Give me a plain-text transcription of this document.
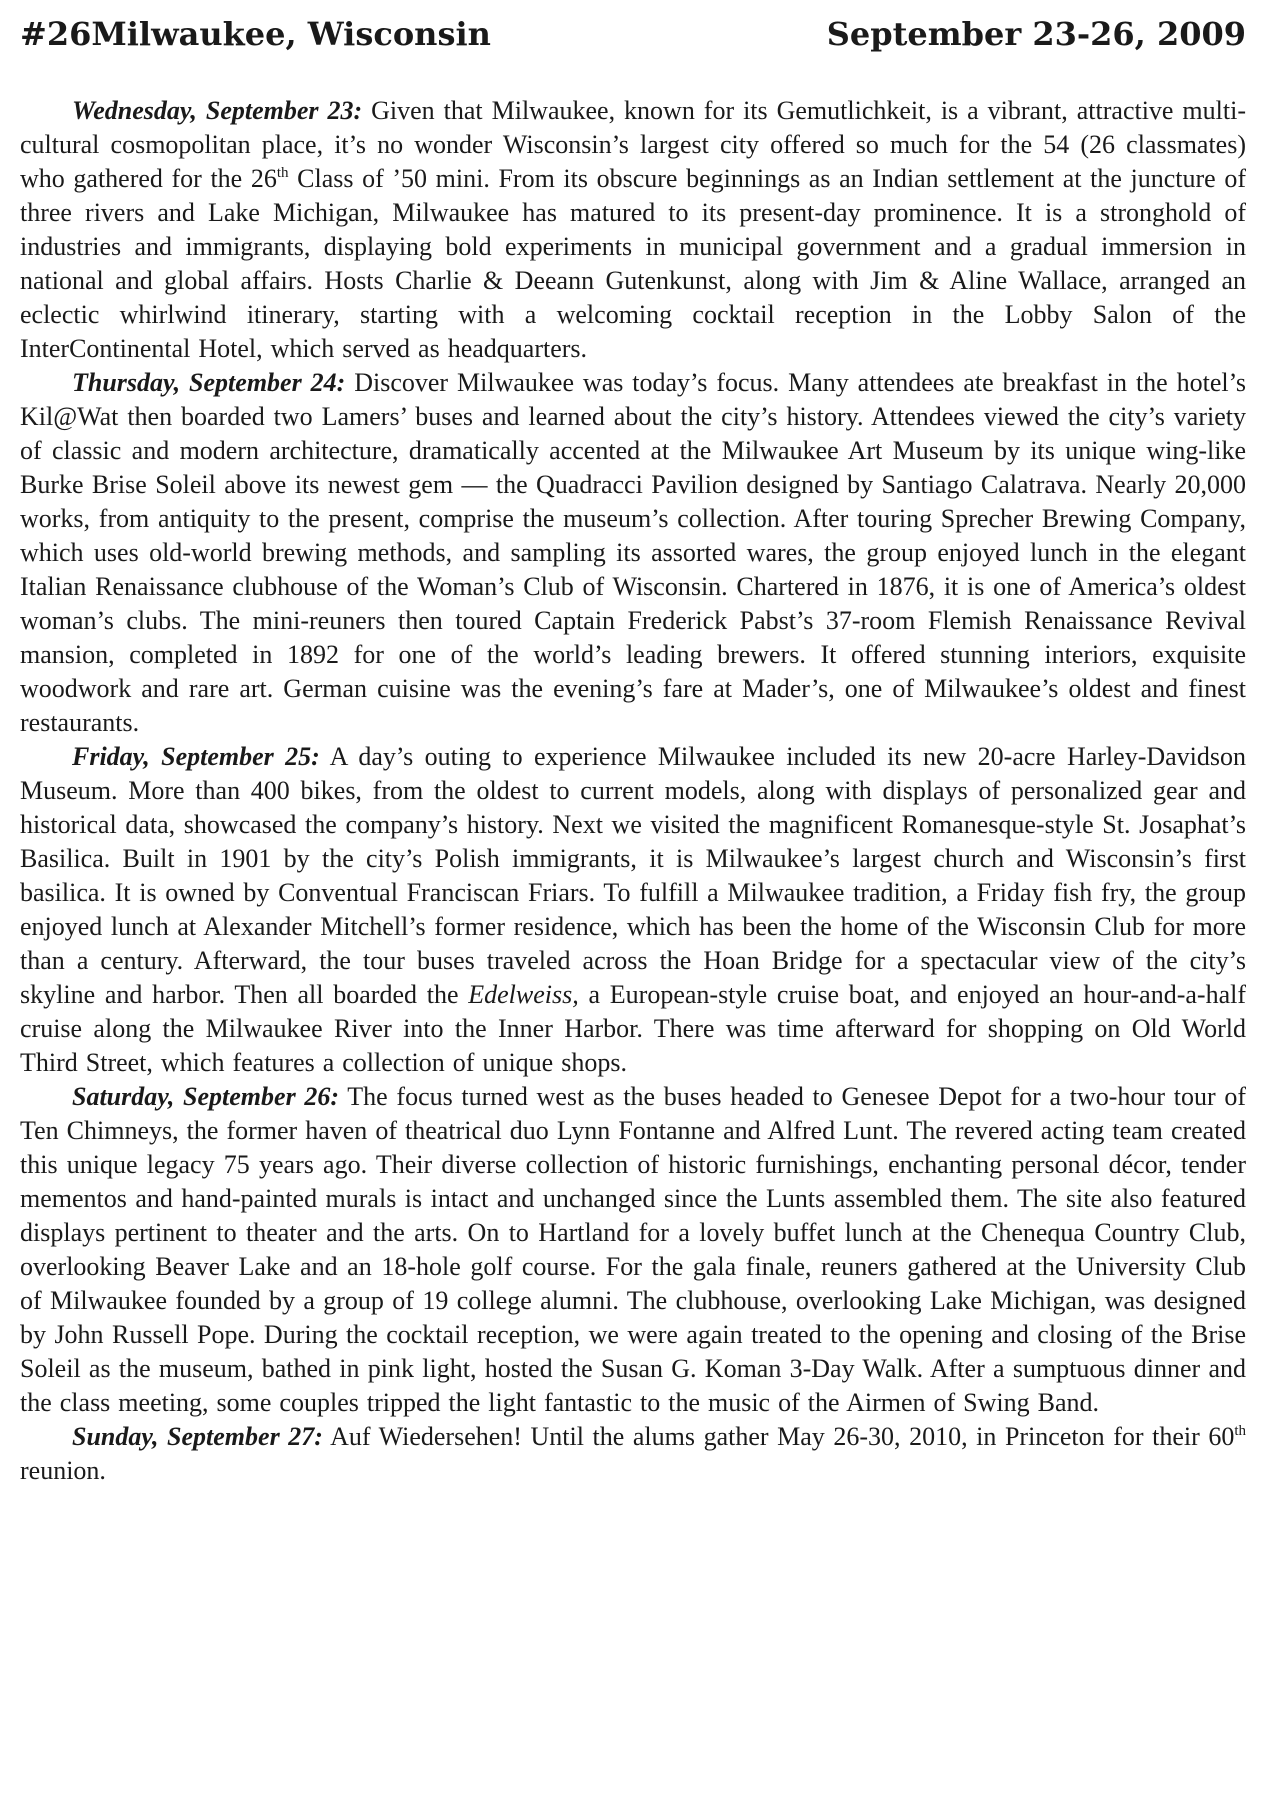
#26Milwaukee, Wisconsin	September 23-26, 2009

Wednesday, September 23: Given that Milwaukee, known for its Gemutlichkeit, is a vibrant, attractive multi-cultural cosmopolitan place, it’s no wonder Wisconsin’s largest city offered so much for the 54 (26 classmates) who gathered for the 26th Class of ’50 mini. From its obscure beginnings as an Indian settlement at the juncture of three rivers and Lake Michigan, Milwaukee has matured to its present-day prominence. It is a stronghold of industries and immigrants, displaying bold experiments in municipal government and a gradual immersion in national and global affairs. Hosts Charlie & Deeann Gutenkunst, along with Jim & Aline Wallace, arranged an eclectic whirlwind itinerary, starting with a welcoming cocktail reception in the Lobby Salon of the InterContinental Hotel, which served as headquarters.

Thursday, September 24: Discover Milwaukee was today’s focus. Many attendees ate breakfast in the hotel’s Kil@Wat then boarded two Lamers’ buses and learned about the city’s history. Attendees viewed the city’s variety of classic and modern architecture, dramatically accented at the Milwaukee Art Museum by its unique wing-like Burke Brise Soleil above its newest gem — the Quadracci Pavilion designed by Santiago Calatrava. Nearly 20,000 works, from antiquity to the present, comprise the museum’s collection. After touring Sprecher Brewing Company, which uses old-world brewing methods, and sampling its assorted wares, the group enjoyed lunch in the elegant Italian Renaissance clubhouse of the Woman’s Club of Wisconsin. Chartered in 1876, it is one of America’s oldest woman’s clubs. The mini-reuners then toured Captain Frederick Pabst’s 37-room Flemish Renaissance Revival mansion, completed in 1892 for one of the world’s leading brewers. It offered stunning interiors, exquisite woodwork and rare art. German cuisine was the evening’s fare at Mader’s, one of Milwaukee’s oldest and finest restaurants.

Friday, September 25: A day’s outing to experience Milwaukee included its new 20-acre Harley-Davidson Museum. More than 400 bikes, from the oldest to current models, along with displays of personalized gear and historical data, showcased the company’s history. Next we visited the magnificent Romanesque-style St. Josaphat’s Basilica. Built in 1901 by the city’s Polish immigrants, it is Milwaukee’s largest church and Wisconsin’s first basilica. It is owned by Conventual Franciscan Friars. To fulfill a Milwaukee tradition, a Friday fish fry, the group enjoyed lunch at Alexander Mitchell’s former residence, which has been the home of the Wisconsin Club for more than a century. Afterward, the tour buses traveled across the Hoan Bridge for a spectacular view of the city’s skyline and harbor. Then all boarded the Edelweiss, a European-style cruise boat, and enjoyed an hour-and-a-half cruise along the Milwaukee River into the Inner Harbor. There was time afterward for shopping on Old World Third Street, which features a collection of unique shops.

Saturday, September 26: The focus turned west as the buses headed to Genesee Depot for a two-hour tour of Ten Chimneys, the former haven of theatrical duo Lynn Fontanne and Alfred Lunt. The revered acting team created this unique legacy 75 years ago. Their diverse collection of historic furnishings, enchanting personal décor, tender mementos and hand-painted murals is intact and unchanged since the Lunts assembled them. The site also featured displays pertinent to theater and the arts. On to Hartland for a lovely buffet lunch at the Chenequa Country Club, overlooking Beaver Lake and an 18-hole golf course. For the gala finale, reuners gathered at the University Club of Milwaukee founded by a group of 19 college alumni. The clubhouse, overlooking Lake Michigan, was designed by John Russell Pope. During the cocktail reception, we were again treated to the opening and closing of the Brise Soleil as the museum, bathed in pink light, hosted the Susan G. Koman 3-Day Walk. After a sumptuous dinner and the class meeting, some couples tripped the light fantastic to the music of the Airmen of Swing Band.

Sunday, September 27: Auf Wiedersehen! Until the alums gather May 26-30, 2010, in Princeton for their 60th reunion.
